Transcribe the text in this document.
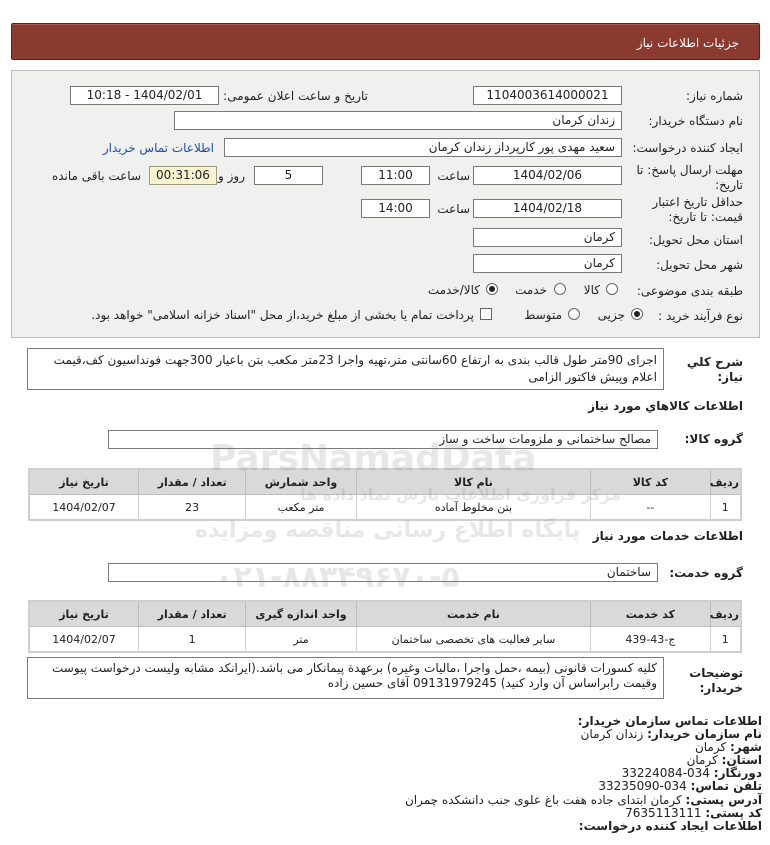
جزئیات اطلاعات نیاز
شماره نیاز:
1104003614000021
تاریخ و ساعت اعلان عمومی:
1404/02/01 - 10:18
نام دستگاه خریدار:
زندان کرمان
ایجاد کننده درخواست:
سعید مهدی پور کارپرداز زندان کرمان
اطلاعات تماس خریدار
مهلت ارسال پاسخ: تا
تاریخ:
1404/02/06
ساعت
11:00
5
روز و
00:31:06
ساعت باقی مانده
حداقل تاریخ اعتبار
قیمت: تا تاریخ:
1404/02/18
ساعت
14:00
استان محل تحویل:
کرمان
شهر محل تحویل:
کرمان
طبقه بندی موضوعی:
کالا
خدمت
کالا/خدمت
نوع فرآیند خرید :
جزیی
متوسط
پرداخت تمام یا بخشی از مبلغ خرید،از محل "اسناد خزانه اسلامی" خواهد بود.
شرح کلي
نياز:
اجرای 90متر طول قالب بندی به ارتفاع 60سانتی متر،تهیه واجرا 23متر مکعب بتن باعیار 300جهت فونداسیون کف،قیمت اعلام وپیش فاکتور الزامی
اطلاعات کالاهاي مورد نياز
گروه کالا:
مصالح ساختمانی و ملزومات ساخت و ساز
ردیف	کد کالا	نام کالا	واحد شمارش	تعداد / مقدار	تاریخ نیاز
1	--	بتن مخلوط آماده	متر مکعب	23	1404/02/07
اطلاعات خدمات مورد نیاز
گروه خدمت:
ساختمان
ردیف	کد خدمت	نام خدمت	واحد اندازه گیری	تعداد / مقدار	تاریخ نیاز
1	ج-43-439	سایر فعالیت های تخصصی ساختمان	متر	1	1404/02/07
توضیحات
خریدار:
کلیه کسورات قانونی (بیمه ،حمل واجرا ،مالیات وغیره) برعهدة پیمانکار می باشد.(ایرانکد مشابه ولیست درخواست پیوست وقیمت رابراساس آن وارد کنید) 09131979245 آقای حسین زاده
اطلاعات تماس سازمان خریدار:
نام سازمان خریدار: زندان کرمان
شهر: کرمان
استان: کرمان
دورنگار: 034-33224084
تلفن تماس: 034-33235090
آدرس پستی: کرمان ابتدای جاده هفت باغ علوی جنب دانشکده چمران
کد پستی: 7635113111
اطلاعات ایجاد کننده درخواست:
ParsNamadData
پایگاه اطلاع رسانی مناقصه ومزایده
